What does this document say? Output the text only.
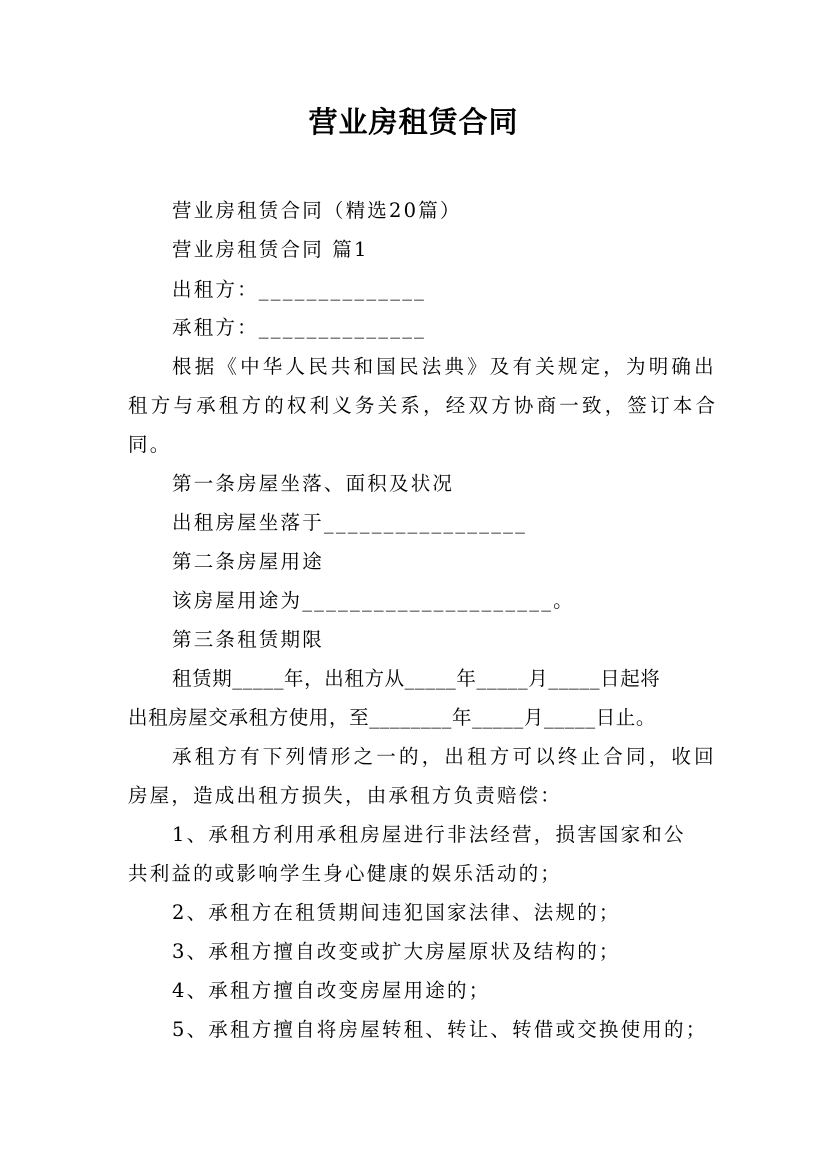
营业房租赁合同
营业房租赁合同（精选20篇）
营业房租赁合同 篇1
出租方：______________
承租方：______________
根据《中华人民共和国民法典》及有关规定，为明确出
租方与承租方的权利义务关系，经双方协商一致，签订本合
同。
第一条房屋坐落、面积及状况
出租房屋坐落于_________________
第二条房屋用途
该房屋用途为_____________________。
第三条租赁期限
租赁期_____年，出租方从_____年_____月_____日起将
出租房屋交承租方使用，至________年_____月_____日止。
承租方有下列情形之一的，出租方可以终止合同，收回
房屋，造成出租方损失，由承租方负责赔偿：
1、承租方利用承租房屋进行非法经营，损害国家和公
共利益的或影响学生身心健康的娱乐活动的；
2、承租方在租赁期间违犯国家法律、法规的；
3、承租方擅自改变或扩大房屋原状及结构的；
4、承租方擅自改变房屋用途的；
5、承租方擅自将房屋转租、转让、转借或交换使用的；
